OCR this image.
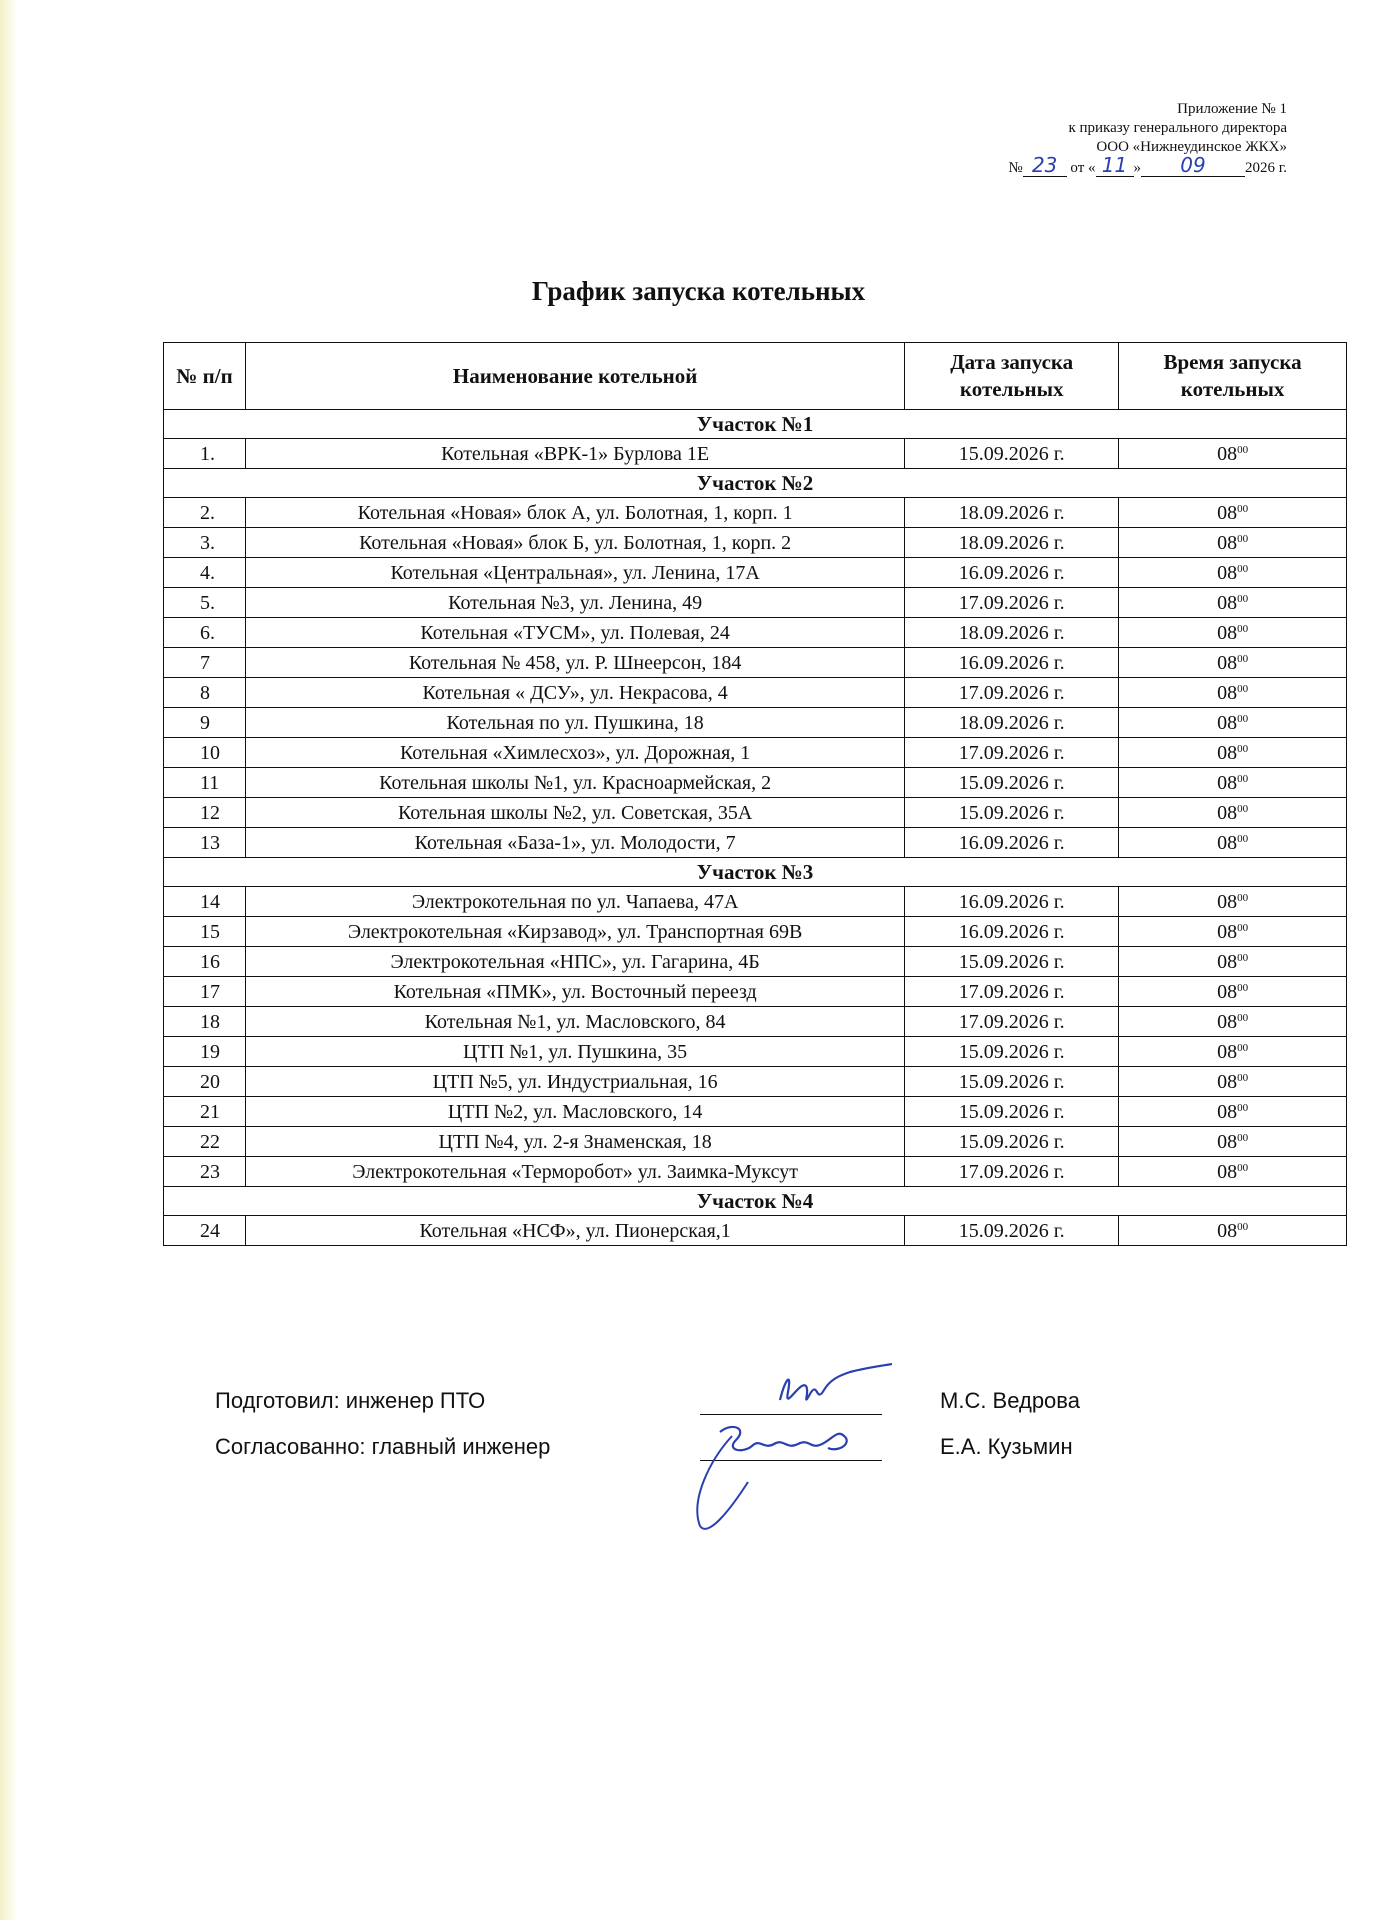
Приложение № 1
к приказу генерального директора
ООО «Нижнеудинское ЖКХ»
№ 23 от « 11 » 09	2026 г.
График запуска котельных
№ п/п	Наименование котельной	Дата запуска котельных	Время запуска котельных
Участок №1			
1.	Котельная «ВРК-1» Бурлова 1Е	15.09.2026 г.	$08^{00}$
Участок №2			
2.	Котельная «Новая» блок А, ул. Болотная, 1, корп. 1	18.09.2026 г.	$08^{00}$
3.	Котельная «Новая» блок Б, ул. Болотная, 1, корп. 2	18.09.2026 г.	$08^{00}$
4.	Котельная «Центральная», ул. Ленина, 17А	16.09.2026 г.	$08^{00}$
5.	Котельная №3, ул. Ленина, 49	17.09.2026 г.	$08^{00}$
6.	Котельная «ТУСМ», ул. Полевая, 24	18.09.2026 г.	$08^{00}$
7	Котельная № 458, ул. Р. Шнеерсон, 184	16.09.2026 г.	$08^{00}$
8	Котельная « ДСУ», ул. Некрасова, 4	17.09.2026 г.	$08^{00}$
9	Котельная по ул. Пушкина, 18	18.09.2026 г.	$08^{00}$
10	Котельная «Химлесхоз», ул. Дорожная, 1	17.09.2026 г.	$08^{00}$
11	Котельная школы №1, ул. Красноармейская, 2	15.09.2026 г.	$08^{00}$
12	Котельная школы №2, ул. Советская, 35А	15.09.2026 г.	$08^{00}$
13	Котельная «База-1», ул. Молодости, 7	16.09.2026 г.	$08^{00}$
Участок №3			
14	Электрокотельная по ул. Чапаева, 47А	16.09.2026 г.	$08^{00}$
15	Электрокотельная «Кирзавод», ул. Транспортная 69В	16.09.2026 г.	$08^{00}$
16	Электрокотельная «НПС», ул. Гагарина, 4Б	15.09.2026 г.	$08^{00}$
17	Котельная «ПМК», ул. Восточный переезд	17.09.2026 г.	$08^{00}$
18	Котельная №1, ул. Масловского, 84	17.09.2026 г.	$08^{00}$
19	ЦТП №1, ул. Пушкина, 35	15.09.2026 г.	$08^{00}$
20	ЦТП №5, ул. Индустриальная, 16	15.09.2026 г.	$08^{00}$
21	ЦТП №2, ул. Масловского, 14	15.09.2026 г.	$08^{00}$
22	ЦТП №4, ул. 2-я Знаменская, 18	15.09.2026 г.	$08^{00}$
23	Электрокотельная «Терморобот» ул. Заимка-Муксут	17.09.2026 г.	$08^{00}$
Участок №4			
24	Котельная «НСФ», ул. Пионерская,1	15.09.2026 г.	$08^{00}$
Подготовил: инженер ПТО	М.С. Ведрова
Согласованно: главный инженер	Е.А. Кузьмин
